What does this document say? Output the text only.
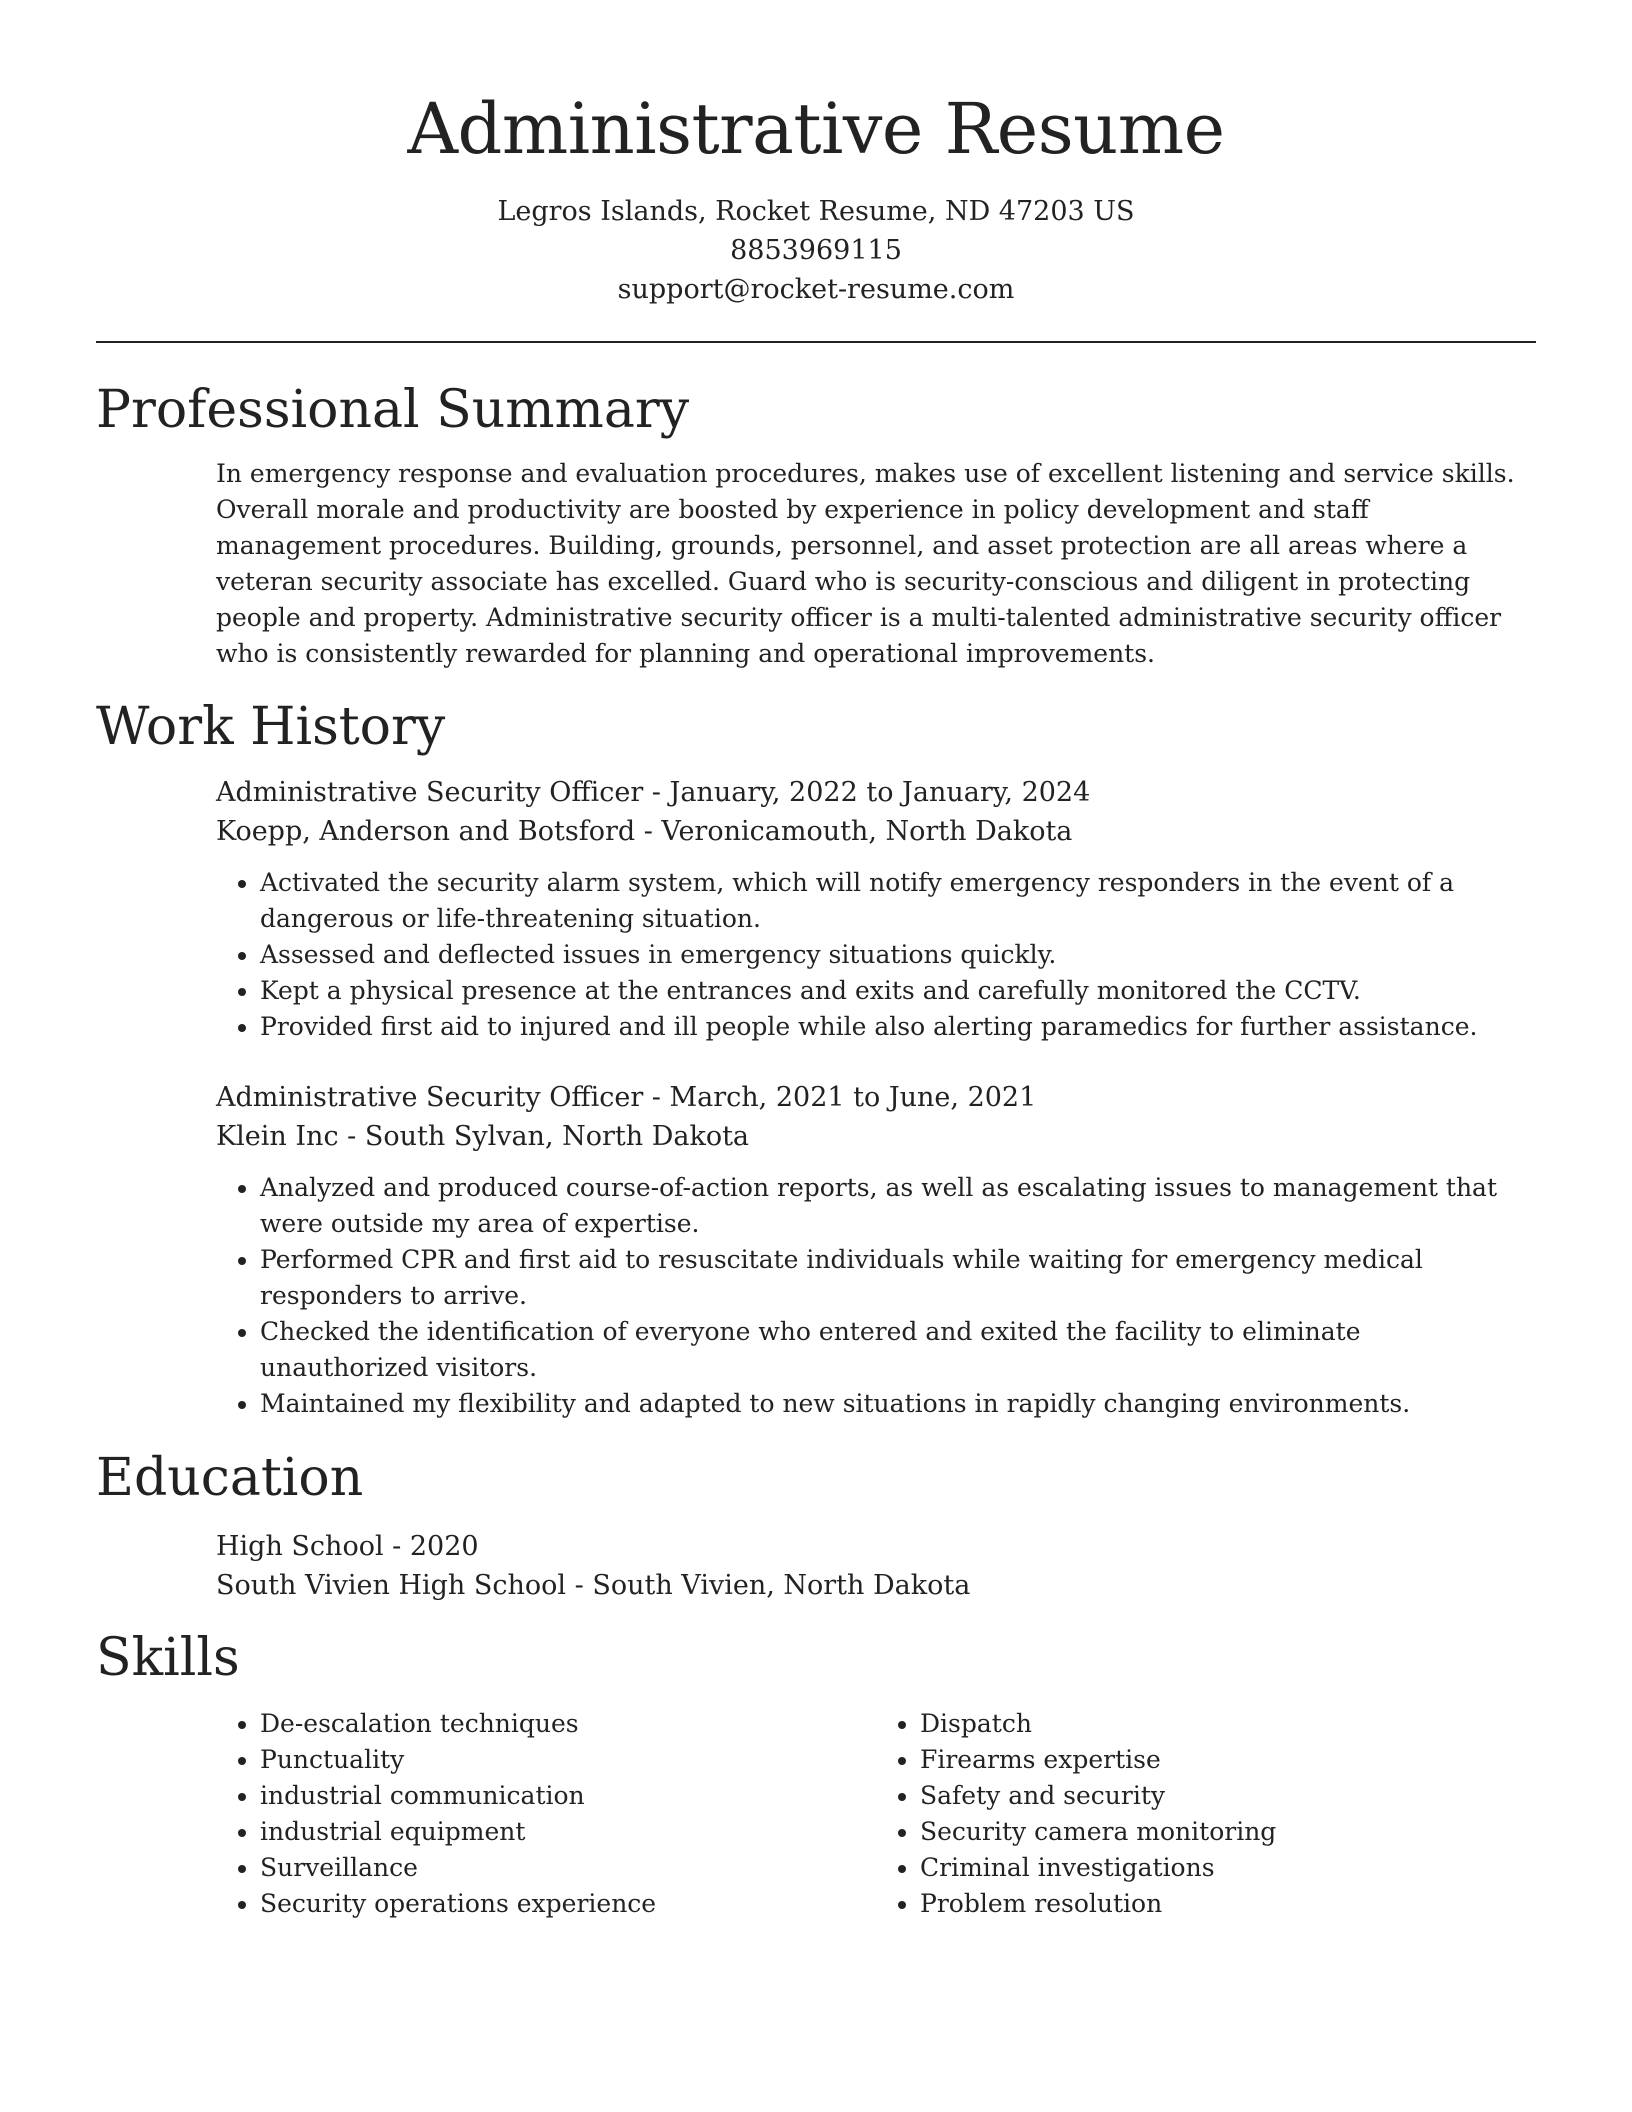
Administrative Resume
Legros Islands, Rocket Resume, ND 47203 US
8853969115
support@rocket-resume.com
Professional Summary

In emergency response and evaluation procedures, makes use of excellent listening and service skills. Overall morale and productivity are boosted by experience in policy development and staff management procedures. Building, grounds, personnel, and asset protection are all areas where a veteran security associate has excelled. Guard who is security-conscious and diligent in protecting people and property. Administrative security officer is a multi-talented administrative security officer who is consistently rewarded for planning and operational improvements.

Work History
Administrative Security Officer - January, 2022 to January, 2024
Koepp, Anderson and Botsford - Veronicamouth, North Dakota
• Activated the security alarm system, which will notify emergency responders in the event of a dangerous or life-threatening situation.
• Assessed and deflected issues in emergency situations quickly.
• Kept a physical presence at the entrances and exits and carefully monitored the CCTV.
• Provided first aid to injured and ill people while also alerting paramedics for further assistance.
Administrative Security Officer - March, 2021 to June, 2021
Klein Inc - South Sylvan, North Dakota
• Analyzed and produced course-of-action reports, as well as escalating issues to management that were outside my area of expertise.
• Performed CPR and first aid to resuscitate individuals while waiting for emergency medical responders to arrive.
• Checked the identification of everyone who entered and exited the facility to eliminate unauthorized visitors.
• Maintained my flexibility and adapted to new situations in rapidly changing environments.
Education
High School - 2020
South Vivien High School - South Vivien, North Dakota
Skills
• De-escalation techniques
• Punctuality
• industrial communication
• industrial equipment
• Surveillance
• Security operations experience
• Dispatch
• Firearms expertise
• Safety and security
• Security camera monitoring
• Criminal investigations
• Problem resolution
